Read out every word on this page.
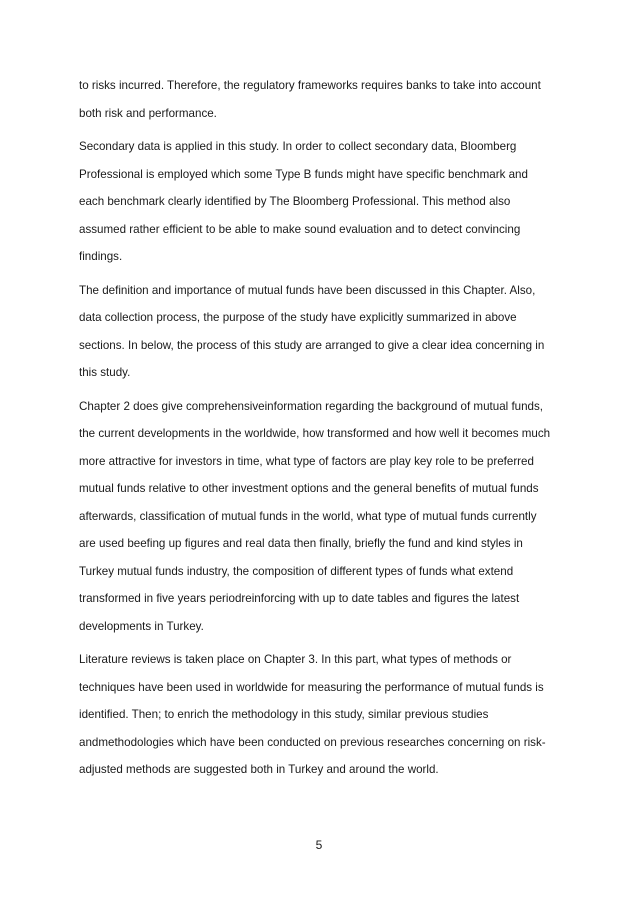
to risks incurred. Therefore, the regulatory frameworks requires banks to take into account
both risk and performance.

Secondary data is applied in this study. In order to collect secondary data, Bloomberg
Professional is employed which some Type B funds might have specific benchmark and
each benchmark clearly identified by The Bloomberg Professional. This method also
assumed rather efficient to be able to make sound evaluation and to detect convincing
findings.

The definition and importance of mutual funds have been discussed in this Chapter. Also,
data collection process, the purpose of the study have explicitly summarized in above
sections. In below, the process of this study are arranged to give a clear idea concerning in
this study.

Chapter 2 does give comprehensiveinformation regarding the background of mutual funds,
the current developments in the worldwide, how transformed and how well it becomes much
more attractive for investors in time, what type of factors are play key role to be preferred
mutual funds relative to other investment options and the general benefits of mutual funds
afterwards, classification of mutual funds in the world, what type of mutual funds currently
are used beefing up figures and real data then finally, briefly the fund and kind styles in
Turkey mutual funds industry, the composition of different types of funds what extend
transformed in five years periodreinforcing with up to date tables and figures the latest
developments in Turkey.

Literature reviews is taken place on Chapter 3. In this part, what types of methods or
techniques have been used in worldwide for measuring the performance of mutual funds is
identified. Then; to enrich the methodology in this study, similar previous studies
andmethodologies which have been conducted on previous researches concerning on risk-
adjusted methods are suggested both in Turkey and around the world.

5
